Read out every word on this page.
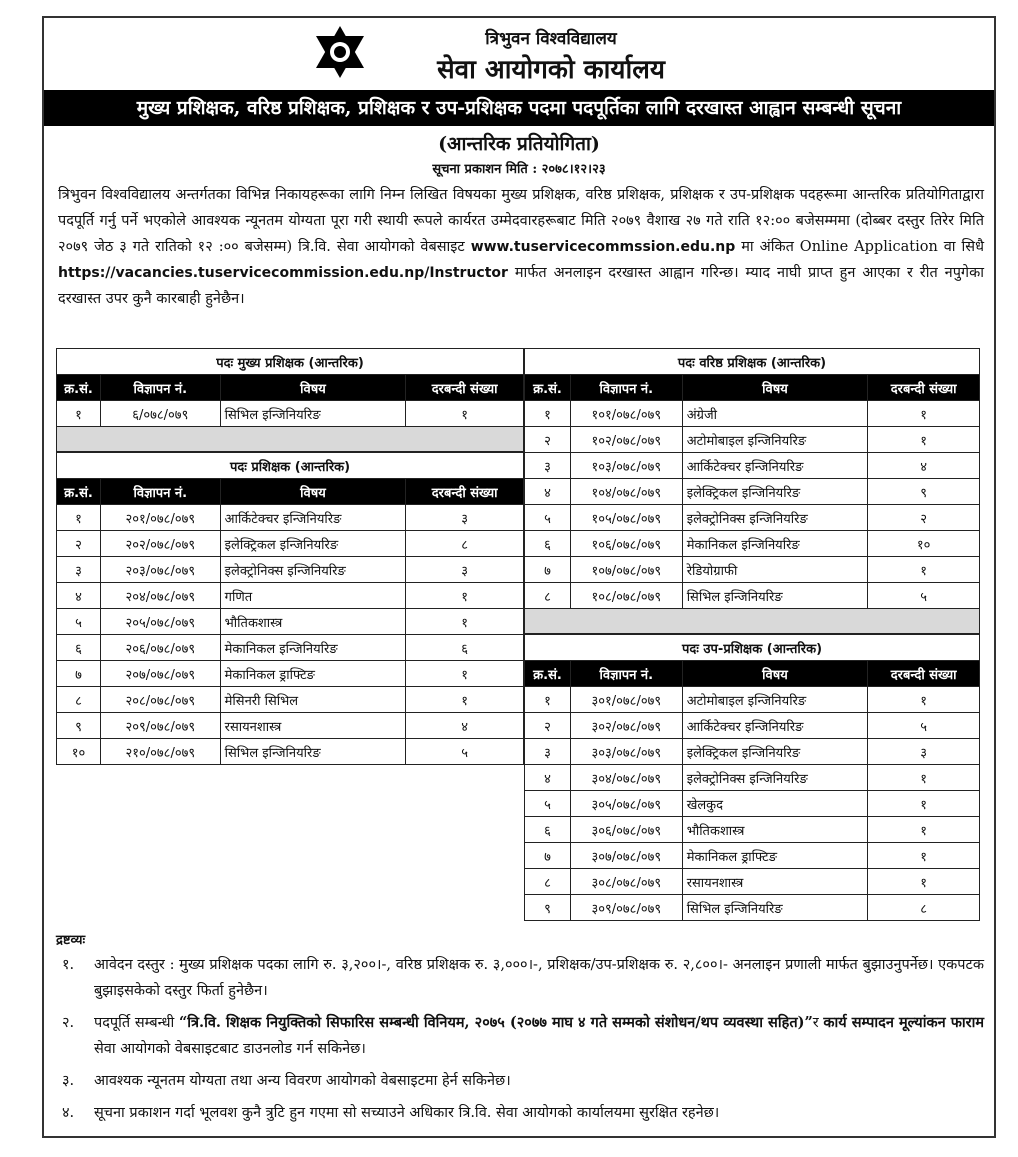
त्रिभुवन विश्वविद्यालय
सेवा आयोगको कार्यालय
मुख्य प्रशिक्षक, वरिष्ठ प्रशिक्षक, प्रशिक्षक र उप-प्रशिक्षक पदमा पदपूर्तिका लागि दरखास्त आह्वान सम्बन्धी सूचना
(आन्तरिक प्रतियोगिता)
सूचना प्रकाशन मिति : २०७८।१२।२३

त्रिभुवन विश्वविद्यालय अन्तर्गतका विभिन्न निकायहरूका लागि निम्न लिखित विषयका मुख्य प्रशिक्षक, वरिष्ठ प्रशिक्षक, प्रशिक्षक र उप-प्रशिक्षक पदहरूमा आन्तरिक प्रतियोगिताद्वारा पदपूर्ति गर्नु पर्ने भएकोले आवश्यक न्यूनतम योग्यता पूरा गरी स्थायी रूपले कार्यरत उम्मेदवारहरूबाट मिति २०७९ वैशाख २७ गते राति १२:०० बजेसम्ममा (दोब्बर दस्तुर तिरेर मिति २०७९ जेठ ३ गते रातिको १२ :०० बजेसम्म) त्रि.वि. सेवा आयोगको वेबसाइट www.tuservicecommssion.edu.np मा अंकित Online Application वा सिधै https://vacancies.tuservicecommission.edu.np/Instructor मार्फत अनलाइन दरखास्त आह्वान गरिन्छ। म्याद नाघी प्राप्त हुन आएका र रीत नपुगेका दरखास्त उपर कुनै कारबाही हुनेछैन।

पदः मुख्य प्रशिक्षक (आन्तरिक)			
क्र.सं.	विज्ञापन नं.	विषय	दरबन्दी संख्या
१	६/०७८/०७९	सिभिल इन्जिनियरिङ	१
पदः प्रशिक्षक (आन्तरिक)			
क्र.सं.	विज्ञापन नं.	विषय	दरबन्दी संख्या
१	२०१/०७८/०७९	आर्किटेक्चर इन्जिनियरिङ	३
२	२०२/०७८/०७९	इलेक्ट्रिकल इन्जिनियरिङ	८
३	२०३/०७८/०७९	इलेक्ट्रोनिक्स इन्जिनियरिङ	३
४	२०४/०७८/०७९	गणित	१
५	२०५/०७८/०७९	भौतिकशास्त्र	१
६	२०६/०७८/०७९	मेकानिकल इन्जिनियरिङ	६
७	२०७/०७८/०७९	मेकानिकल ड्राफ्टिङ	१
८	२०८/०७८/०७९	मेसिनरी सिभिल	१
९	२०९/०७८/०७९	रसायनशास्त्र	४
१०	२१०/०७८/०७९	सिभिल इन्जिनियरिङ	५
पदः वरिष्ठ प्रशिक्षक (आन्तरिक)			
क्र.सं.	विज्ञापन नं.	विषय	दरबन्दी संख्या
१	१०१/०७८/०७९	अंग्रेजी	१
२	१०२/०७८/०७९	अटोमोबाइल इन्जिनियरिङ	१
३	१०३/०७८/०७९	आर्किटेक्चर इन्जिनियरिङ	४
४	१०४/०७८/०७९	इलेक्ट्रिकल इन्जिनियरिङ	९
५	१०५/०७८/०७९	इलेक्ट्रोनिक्स इन्जिनियरिङ	२
६	१०६/०७८/०७९	मेकानिकल इन्जिनियरिङ	१०
७	१०७/०७८/०७९	रेडियोग्राफी	१
८	१०८/०७८/०७९	सिभिल इन्जिनियरिङ	५
पदः उप-प्रशिक्षक (आन्तरिक)			
क्र.सं.	विज्ञापन नं.	विषय	दरबन्दी संख्या
१	३०१/०७८/०७९	अटोमोबाइल इन्जिनियरिङ	१
२	३०२/०७८/०७९	आर्किटेक्चर इन्जिनियरिङ	५
३	३०३/०७८/०७९	इलेक्ट्रिकल इन्जिनियरिङ	३
४	३०४/०७८/०७९	इलेक्ट्रोनिक्स इन्जिनियरिङ	१
५	३०५/०७८/०७९	खेलकुद	१
६	३०६/०७८/०७९	भौतिकशास्त्र	१
७	३०७/०७८/०७९	मेकानिकल ड्राफ्टिङ	१
८	३०८/०७८/०७९	रसायनशास्त्र	१
९	३०९/०७८/०७९	सिभिल इन्जिनियरिङ	८
द्रष्टव्यः
१.	आवेदन दस्तुर : मुख्य प्रशिक्षक पदका लागि रु. ३,२००।-, वरिष्ठ प्रशिक्षक रु. ३,०००।-, प्रशिक्षक/उप-प्रशिक्षक रु. २,८००।- अनलाइन प्रणाली मार्फत बुझाउनुपर्नेछ। एकपटक बुझाइसकेको दस्तुर फिर्ता हुनेछैन।
२.	पदपूर्ति सम्बन्धी “त्रि.वि. शिक्षक नियुक्तिको सिफारिस सम्बन्धी विनियम, २०७५ (२०७७ माघ ४ गते सम्मको संशोधन/थप व्यवस्था सहित)”र कार्य सम्पादन मूल्यांकन फाराम सेवा आयोगको वेबसाइटबाट डाउनलोड गर्न सकिनेछ।
३.	आवश्यक न्यूनतम योग्यता तथा अन्य विवरण आयोगको वेबसाइटमा हेर्न सकिनेछ।
४.	सूचना प्रकाशन गर्दा भूलवश कुनै त्रुटि हुन गएमा सो सच्याउने अधिकार त्रि.वि. सेवा आयोगको कार्यालयमा सुरक्षित रहनेछ।
